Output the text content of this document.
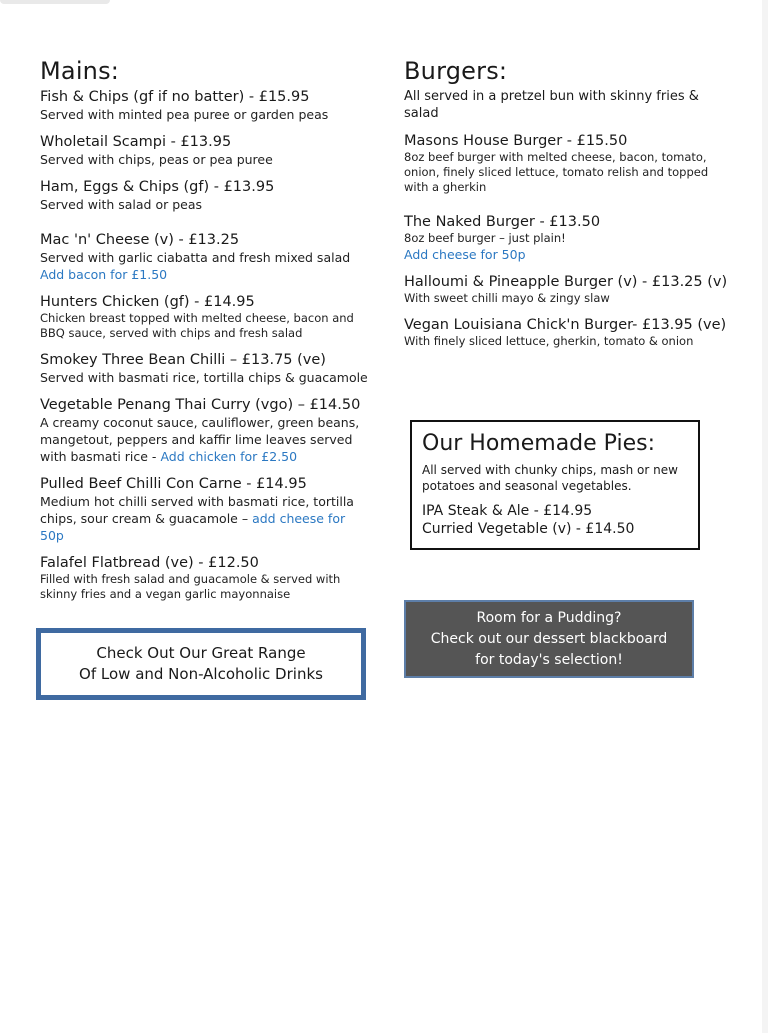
Mains:
Fish & Chips (gf if no batter) - £15.95
Served with minted pea puree or garden peas
Wholetail Scampi - £13.95
Served with chips, peas or pea puree
Ham, Eggs & Chips (gf) - £13.95
Served with salad or peas
Mac 'n' Cheese (v) - £13.25
Served with garlic ciabatta and fresh mixed salad
Add bacon for £1.50
Hunters Chicken (gf) - £14.95
Chicken breast topped with melted cheese, bacon and BBQ sauce, served with chips and fresh salad
Smokey Three Bean Chilli – £13.75 (ve)
Served with basmati rice, tortilla chips & guacamole
Vegetable Penang Thai Curry (vgo) – £14.50
A creamy coconut sauce, cauliflower, green beans, mangetout, peppers and kaffir lime leaves served with basmati rice - Add chicken for £2.50
Pulled Beef Chilli Con Carne - £14.95
Medium hot chilli served with basmati rice, tortilla chips, sour cream & guacamole – add cheese for 50p
Falafel Flatbread (ve) - £12.50
Filled with fresh salad and guacamole & served with skinny fries and a vegan garlic mayonnaise
Burgers:
All served in a pretzel bun with skinny fries & salad
Masons House Burger - £15.50
8oz beef burger with melted cheese, bacon, tomato, onion, finely sliced lettuce, tomato relish and topped with a gherkin
The Naked Burger - £13.50
8oz beef burger – just plain!
Add cheese for 50p
Halloumi & Pineapple Burger (v) - £13.25 (v)
With sweet chilli mayo & zingy slaw
Vegan Louisiana Chick'n Burger- £13.95 (ve)
With finely sliced lettuce, gherkin, tomato & onion
Our Homemade Pies:
All served with chunky chips, mash or new potatoes and seasonal vegetables.
IPA Steak & Ale - £14.95
Curried Vegetable (v) - £14.50
Room for a Pudding?
Check out our dessert blackboard
for today's selection!
Check Out Our Great Range
Of Low and Non-Alcoholic Drinks
